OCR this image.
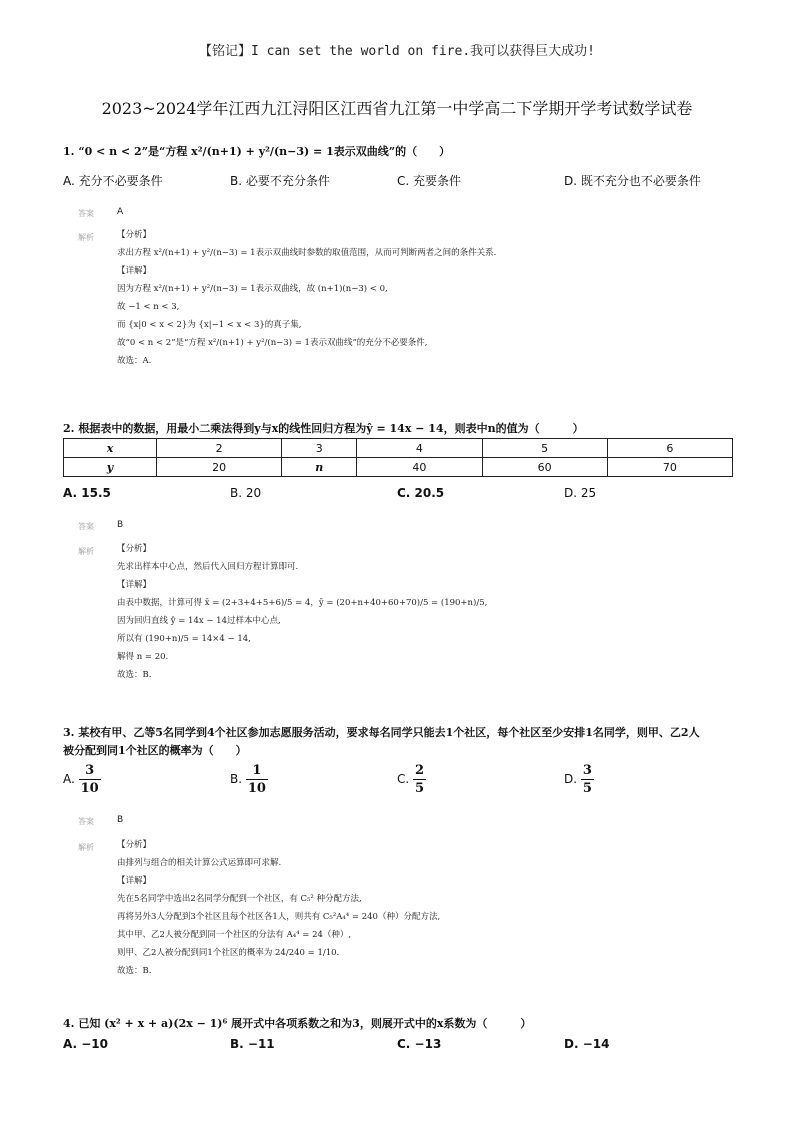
【铭记】I can set the world on fire.我可以获得巨大成功!
2023~2024学年江西九江浔阳区江西省九江第一中学高二下学期开学考试数学试卷
1. “0 < n < 2”是“方程 x²/(n+1) + y²/(n−3) = 1表示双曲线”的（　　）
A. 充分不必要条件	B. 必要不充分条件	C. 充要条件	D. 既不充分也不必要条件
答案	A
解析	【分析】
求出方程 x²/(n+1) + y²/(n−3) = 1表示双曲线时参数的取值范围，从而可判断两者之间的条件关系.
【详解】
因为方程 x²/(n+1) + y²/(n−3) = 1表示双曲线，故 (n+1)(n−3) < 0,
故 −1 < n < 3,
而 {x|0 < x < 2}为 {x|−1 < x < 3}的真子集,
故“0 < n < 2”是“方程 x²/(n+1) + y²/(n−3) = 1表示双曲线”的充分不必要条件,
故选：A.
2. 根据表中的数据，用最小二乘法得到y与x的线性回归方程为ŷ = 14x − 14，则表中n的值为（　　　）
x	2	3	4	5	6
y	20	n	40	60	70
A. 15.5	B. 20	C. 20.5	D. 25
答案	B
解析	【分析】
先求出样本中心点，然后代入回归方程计算即可.
【详解】
由表中数据，计算可得 x̄ = (2+3+4+5+6)/5 = 4，ȳ = (20+n+40+60+70)/5 = (190+n)/5,
因为回归直线 ŷ = 14x − 14过样本中心点,
所以有 (190+n)/5 = 14×4 − 14,
解得 n = 20.
故选：B.
3. 某校有甲、乙等5名同学到4个社区参加志愿服务活动，要求每名同学只能去1个社区，每个社区至少安排1名同学，则甲、乙2人
被分配到同1个社区的概率为（　　）
A. $\frac{3}{10}$	B. $\frac{1}{10}$	C. $\frac{2}{5}$	D. $\frac{3}{5}$
答案	B
解析	【分析】
由排列与组合的相关计算公式运算即可求解.
【详解】
先在5名同学中选出2名同学分配到一个社区，有 C₅² 种分配方法,
再将另外3人分配到3个社区且每个社区各1人，则共有 C₅²A₄⁴ = 240（种）分配方法,
其中甲、乙2人被分配到同一个社区的分法有 A₄⁴ = 24（种）,
则甲、乙2人被分配到同1个社区的概率为 24/240 = 1/10.
故选：B.
4. 已知 (x² + x + a)(2x − 1)⁶ 展开式中各项系数之和为3，则展开式中的x系数为（　　　）
A. −10	B. −11	C. −13	D. −14
